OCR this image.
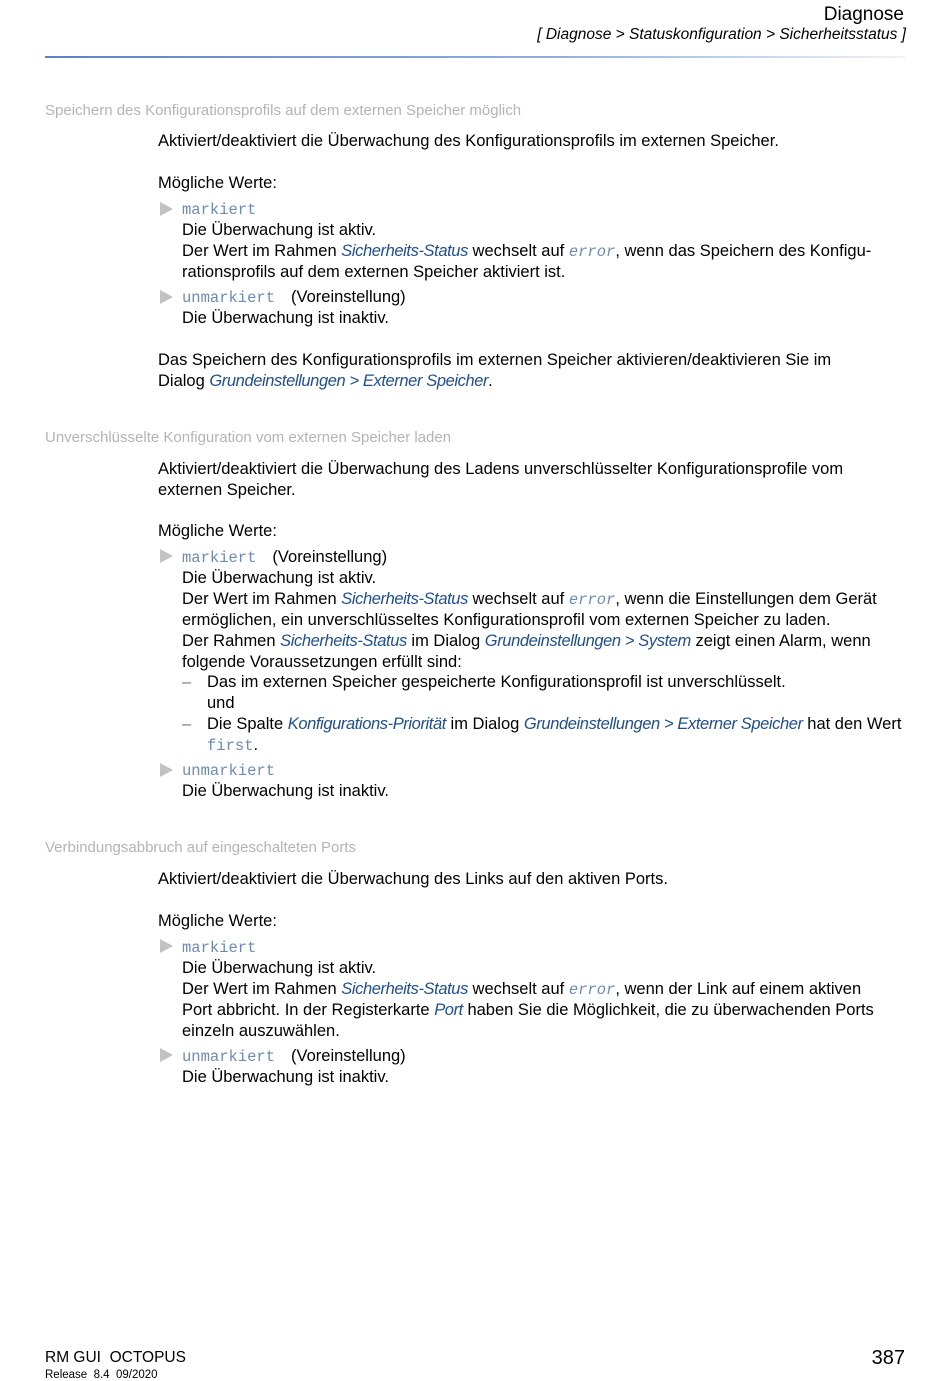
Diagnose
[ Diagnose > Statuskonfiguration > Sicherheitsstatus ]
Speichern des Konfigurationsprofils auf dem externen Speicher möglich
Aktiviert/deaktiviert die Überwachung des Konfigurationsprofils im externen Speicher.
Mögliche Werte:
markiert
Die Überwachung ist aktiv.
Der Wert im Rahmen Sicherheits-Status wechselt auf error, wenn das Speichern des Konfigu-
rationsprofils auf dem externen Speicher aktiviert ist.
unmarkiert (Voreinstellung)
Die Überwachung ist inaktiv.
Das Speichern des Konfigurationsprofils im externen Speicher aktivieren/deaktivieren Sie im
Dialog Grundeinstellungen > Externer Speicher.
Unverschlüsselte Konfiguration vom externen Speicher laden
Aktiviert/deaktiviert die Überwachung des Ladens unverschlüsselter Konfigurationsprofile vom
externen Speicher.
Mögliche Werte:
markiert (Voreinstellung)
Die Überwachung ist aktiv.
Der Wert im Rahmen Sicherheits-Status wechselt auf error, wenn die Einstellungen dem Gerät
ermöglichen, ein unverschlüsseltes Konfigurationsprofil vom externen Speicher zu laden.
Der Rahmen Sicherheits-Status im Dialog Grundeinstellungen > System zeigt einen Alarm, wenn
folgende Voraussetzungen erfüllt sind:
– Das im externen Speicher gespeicherte Konfigurationsprofil ist unverschlüsselt.
und
– Die Spalte Konfigurations-Priorität im Dialog Grundeinstellungen > Externer Speicher hat den Wert
first.
unmarkiert
Die Überwachung ist inaktiv.
Verbindungsabbruch auf eingeschalteten Ports
Aktiviert/deaktiviert die Überwachung des Links auf den aktiven Ports.
Mögliche Werte:
markiert
Die Überwachung ist aktiv.
Der Wert im Rahmen Sicherheits-Status wechselt auf error, wenn der Link auf einem aktiven
Port abbricht. In der Registerkarte Port haben Sie die Möglichkeit, die zu überwachenden Ports
einzeln auszuwählen.
unmarkiert (Voreinstellung)
Die Überwachung ist inaktiv.
RM GUI  OCTOPUS
Release  8.4  09/2020
387
